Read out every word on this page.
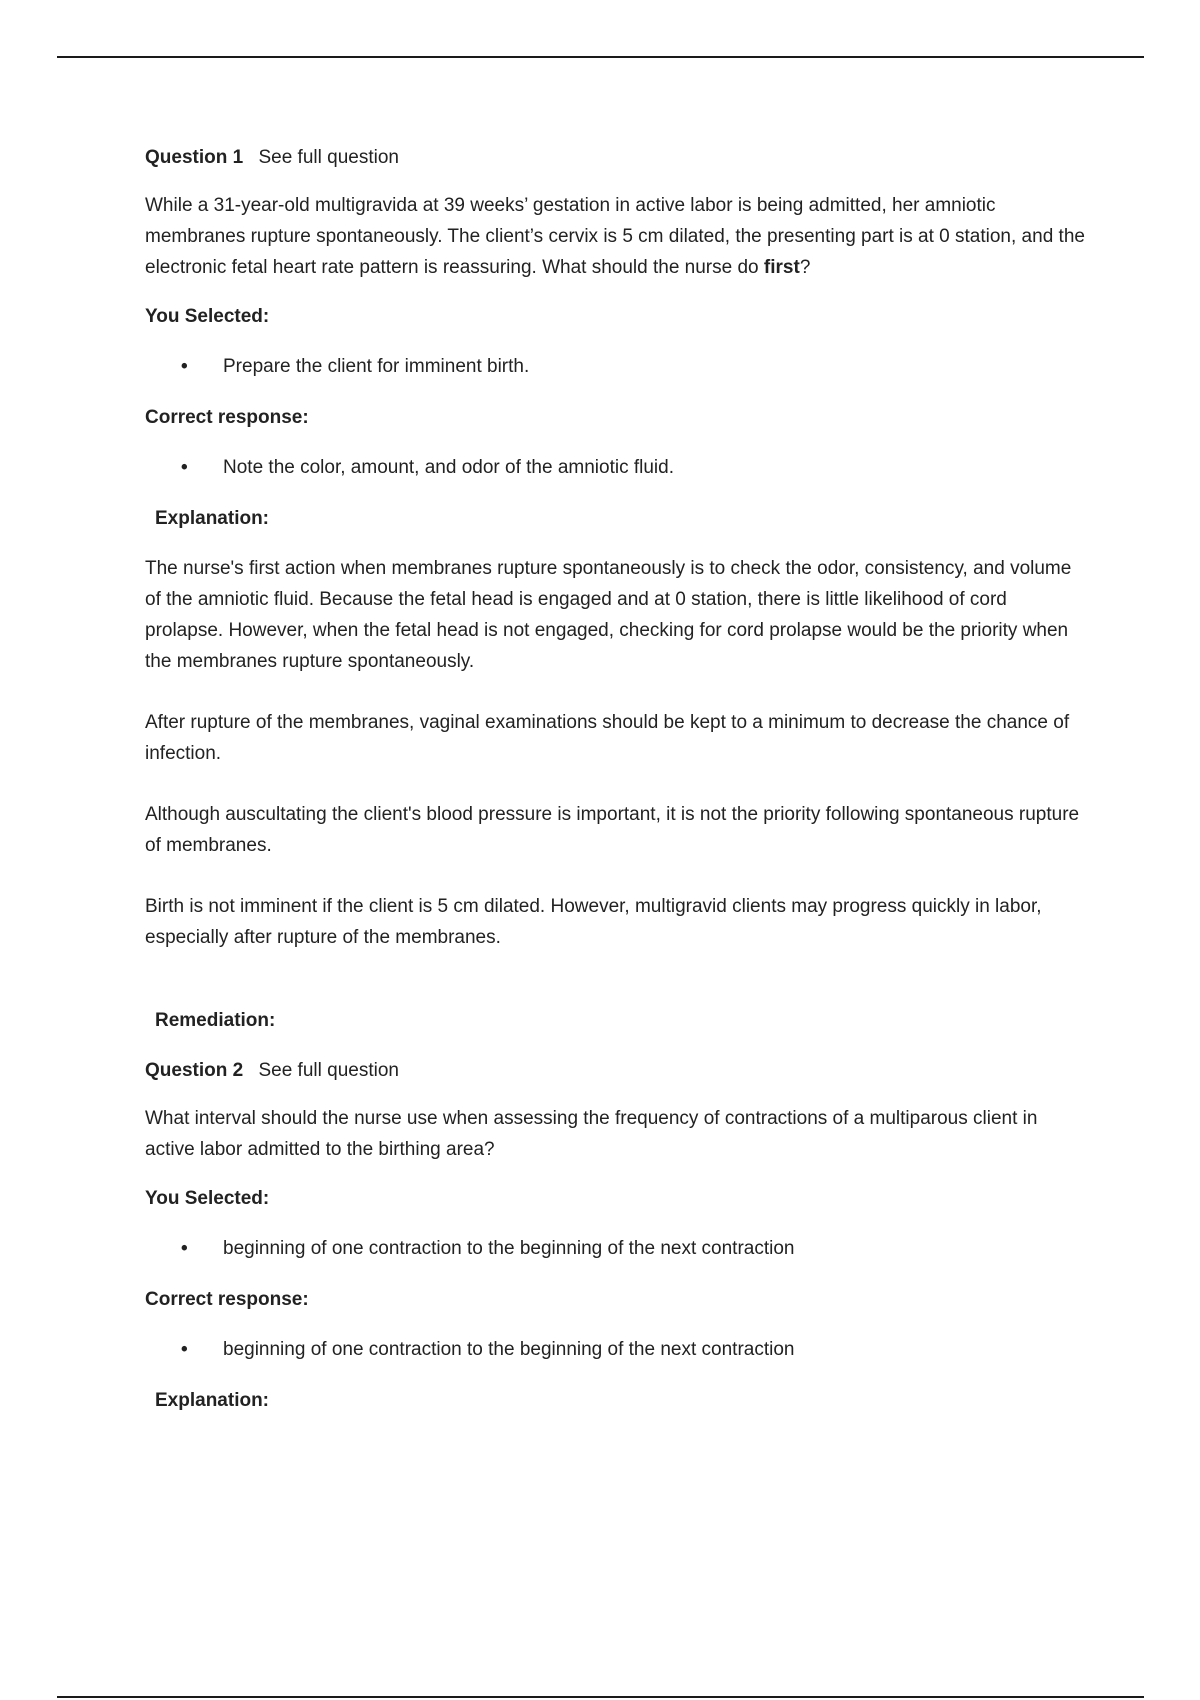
Question 1 See full question

While a 31-year-old multigravida at 39 weeks’ gestation in active labor is being admitted, her amniotic membranes rupture spontaneously. The client’s cervix is 5 cm dilated, the presenting part is at 0 station, and the electronic fetal heart rate pattern is reassuring. What should the nurse do first?

You Selected:
• Prepare the client for imminent birth.
Correct response:
• Note the color, amount, and odor of the amniotic fluid.
Explanation:

The nurse's first action when membranes rupture spontaneously is to check the odor, consistency, and volume of the amniotic fluid. Because the fetal head is engaged and at 0 station, there is little likelihood of cord prolapse. However, when the fetal head is not engaged, checking for cord prolapse would be the priority when the membranes rupture spontaneously.

After rupture of the membranes, vaginal examinations should be kept to a minimum to decrease the chance of infection.

Although auscultating the client's blood pressure is important, it is not the priority following spontaneous rupture of membranes.

Birth is not imminent if the client is 5 cm dilated. However, multigravid clients may progress quickly in labor, especially after rupture of the membranes.

Remediation:
Question 2 See full question

What interval should the nurse use when assessing the frequency of contractions of a multiparous client in active labor admitted to the birthing area?

You Selected:
• beginning of one contraction to the beginning of the next contraction
Correct response:
• beginning of one contraction to the beginning of the next contraction
Explanation:
